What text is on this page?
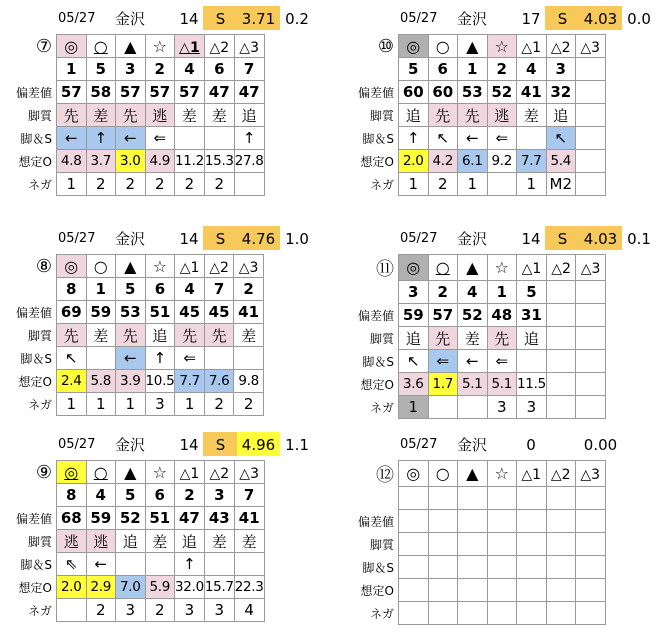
05/27 金沢 14	S	3.71 0.2
⑦	◎	○	▲	☆	△1	△2	△3
	1	5	3	2	4	6	7
偏差値	57	58	57	57	57	47	47
脚質	先	差	先	逃	差	差	追
脚＆S	←	↑	←	⇐			↑
想定O	4.8	3.7	3.0	4.9	11.2	15.3	27.8
ネガ	1	2	2	2	2	2	
05/27 金沢 17	S	4.03 0.0
⑩	◎	○	▲	☆	△1	△2	△3
	5	6	1	2	4	3	
偏差値	60	60	53	52	41	32	
脚質	追	先	先	逃	差	追	
脚＆S	↑	↖	←	⇐		↖	
想定O	2.0	4.2	6.1	9.2	7.7	5.4	
ネガ	1	2	1		1	M2	
05/27 金沢 14	S	4.76 1.0
⑧	◎	○	▲	☆	△1	△2	△3
	8	1	5	6	4	7	2
偏差値	69	59	53	51	45	45	41
脚質	先	差	先	追	先	先	差
脚＆S	↖		←	↑	⇐		
想定O	2.4	5.8	3.9	10.5	7.7	7.6	9.8
ネガ	1	1	1	3	1	2	2
05/27 金沢 14	S	4.03 0.1
⑪	◎	○	▲	☆	△1	△2	△3
	3	2	4	1	5		
偏差値	59	57	52	48	31		
脚質	追	先	差	先	追		
脚＆S	↖	⇐	←	⇐			
想定O	3.6	1.7	5.1	5.1	11.5		
ネガ	1			3	3		
05/27 金沢 14	S	4.96 1.1
⑨	◎	○	▲	☆	△1	△2	△3
	8	4	5	6	2	3	7
偏差値	68	59	52	51	47	43	41
脚質	逃	逃	追	差	追	差	差
脚＆S	⇖	←			↑		
想定O	2.0	2.9	7.0	5.9	32.0	15.7	22.3
ネガ		2	3	2	3	3	4
05/27 金沢	0	0.00
⑫	◎	○	▲	☆	△1	△2	△3

偏差値							
脚質							
脚＆S							
想定O							
ネガ							
